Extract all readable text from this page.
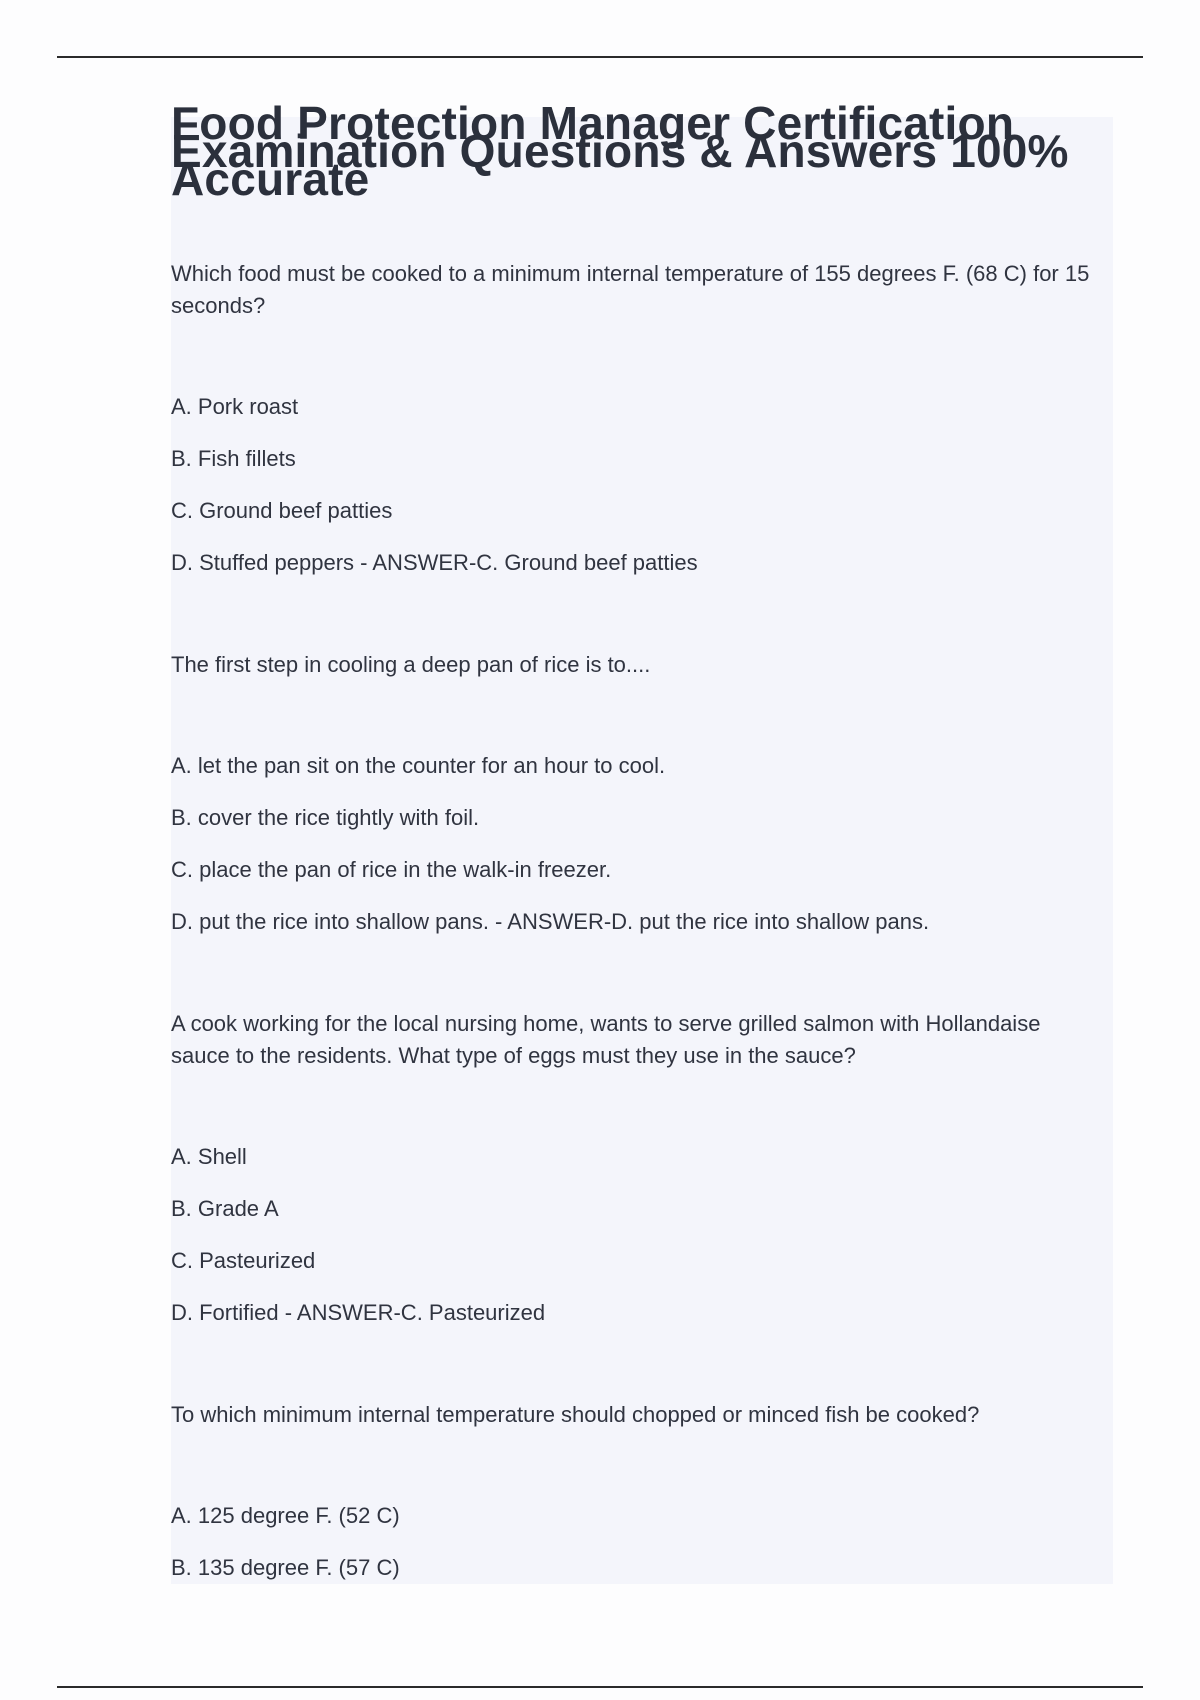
Food Protection Manager Certification Examination Questions & Answers 100% Accurate

Which food must be cooked to a minimum internal temperature of 155 degrees F. (68 C) for 15 seconds?

A. Pork roast
B. Fish fillets
C. Ground beef patties
D. Stuffed peppers - ANSWER-C. Ground beef patties

The first step in cooling a deep pan of rice is to....

A. let the pan sit on the counter for an hour to cool.
B. cover the rice tightly with foil.
C. place the pan of rice in the walk-in freezer.
D. put the rice into shallow pans. - ANSWER-D. put the rice into shallow pans.

A cook working for the local nursing home, wants to serve grilled salmon with Hollandaise sauce to the residents. What type of eggs must they use in the sauce?

A. Shell
B. Grade A
C. Pasteurized
D. Fortified - ANSWER-C. Pasteurized

To which minimum internal temperature should chopped or minced fish be cooked?

A. 125 degree F. (52 C)
B. 135 degree F. (57 C)
